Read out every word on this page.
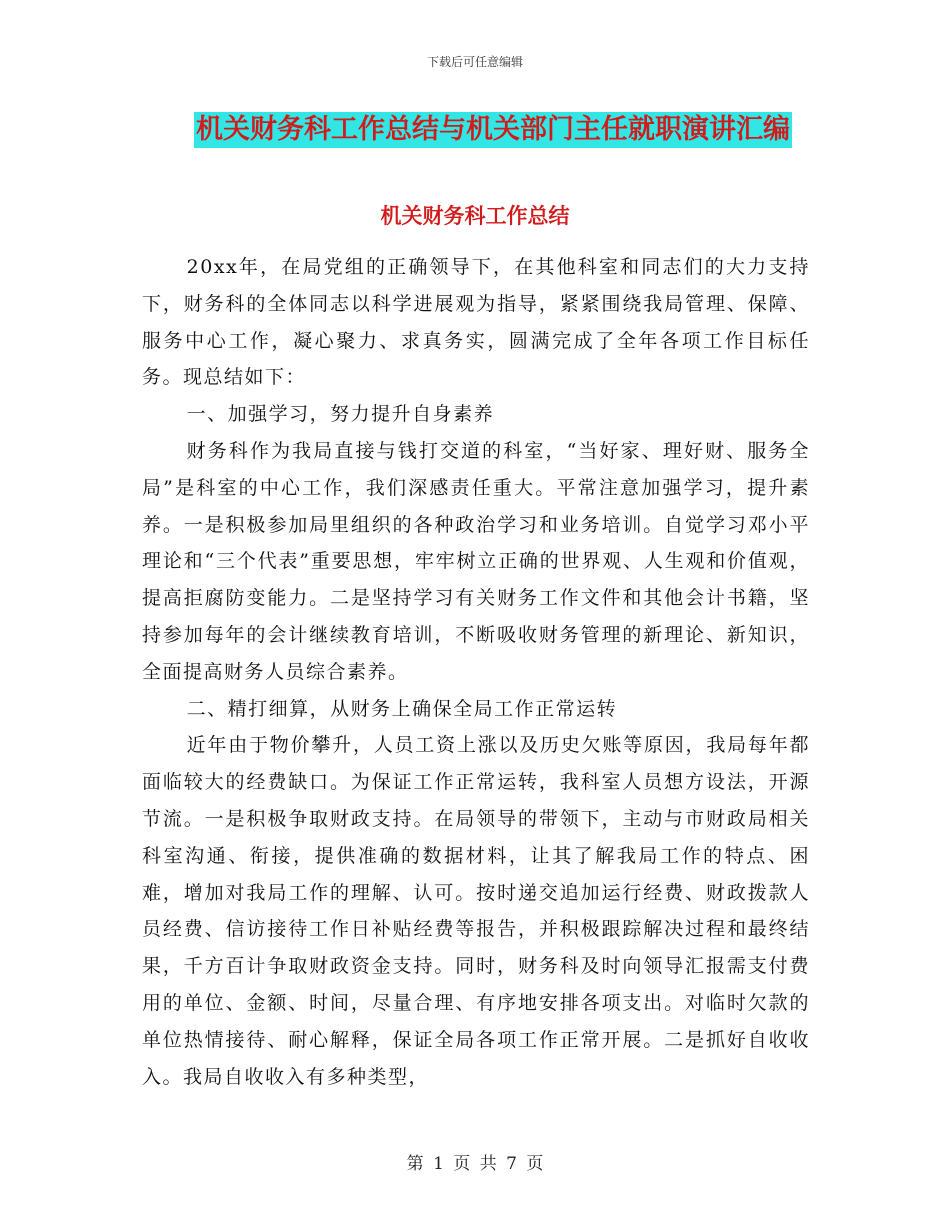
下载后可任意编辑
机关财务科工作总结与机关部门主任就职演讲汇编
机关财务科工作总结

20xx年，在局党组的正确领导下，在其他科室和同志们的大力支持下，财务科的全体同志以科学进展观为指导，紧紧围绕我局管理、保障、服务中心工作，凝心聚力、求真务实，圆满完成了全年各项工作目标任务。现总结如下：

一、加强学习，努力提升自身素养

财务科作为我局直接与钱打交道的科室，“当好家、理好财、服务全局”是科室的中心工作，我们深感责任重大。平常注意加强学习，提升素养。一是积极参加局里组织的各种政治学习和业务培训。自觉学习邓小平理论和“三个代表”重要思想，牢牢树立正确的世界观、人生观和价值观，提高拒腐防变能力。二是坚持学习有关财务工作文件和其他会计书籍，坚持参加每年的会计继续教育培训，不断吸收财务管理的新理论、新知识，全面提高财务人员综合素养。

二、精打细算，从财务上确保全局工作正常运转

近年由于物价攀升，人员工资上涨以及历史欠账等原因，我局每年都面临较大的经费缺口。为保证工作正常运转，我科室人员想方设法，开源节流。一是积极争取财政支持。在局领导的带领下，主动与市财政局相关科室沟通、衔接，提供准确的数据材料，让其了解我局工作的特点、困难，增加对我局工作的理解、认可。按时递交追加运行经费、财政拨款人员经费、信访接待工作日补贴经费等报告，并积极跟踪解决过程和最终结果，千方百计争取财政资金支持。同时，财务科及时向领导汇报需支付费用的单位、金额、时间，尽量合理、有序地安排各项支出。对临时欠款的单位热情接待、耐心解释，保证全局各项工作正常开展。二是抓好自收收入。我局自收收入有多种类型，

第 1 页 共 7 页
